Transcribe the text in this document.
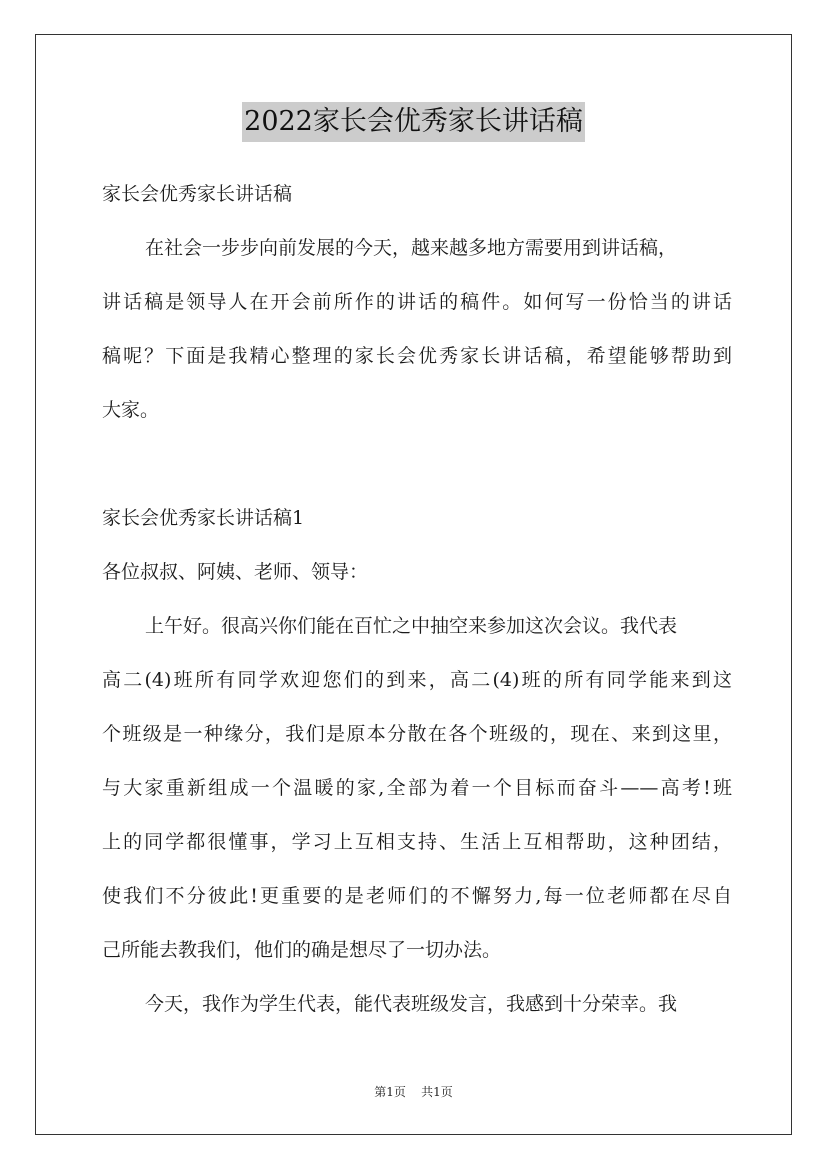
2022家长会优秀家长讲话稿
家长会优秀家长讲话稿
在社会一步步向前发展的今天，越来越多地方需要用到讲话稿，
讲话稿是领导人在开会前所作的讲话的稿件。如何写一份恰当的讲话
稿呢？下面是我精心整理的家长会优秀家长讲话稿，希望能够帮助到
大家。
家长会优秀家长讲话稿1
各位叔叔、阿姨、老师、领导：
上午好。很高兴你们能在百忙之中抽空来参加这次会议。我代表
高二(4)班所有同学欢迎您们的到来，高二(4)班的所有同学能来到这
个班级是一种缘分，我们是原本分散在各个班级的，现在、来到这里，
与大家重新组成一个温暖的家,全部为着一个目标而奋斗——高考!班
上的同学都很懂事，学习上互相支持、生活上互相帮助，这种团结，
使我们不分彼此!更重要的是老师们的不懈努力,每一位老师都在尽自
己所能去教我们，他们的确是想尽了一切办法。
今天，我作为学生代表，能代表班级发言，我感到十分荣幸。我
第1页 共1页
